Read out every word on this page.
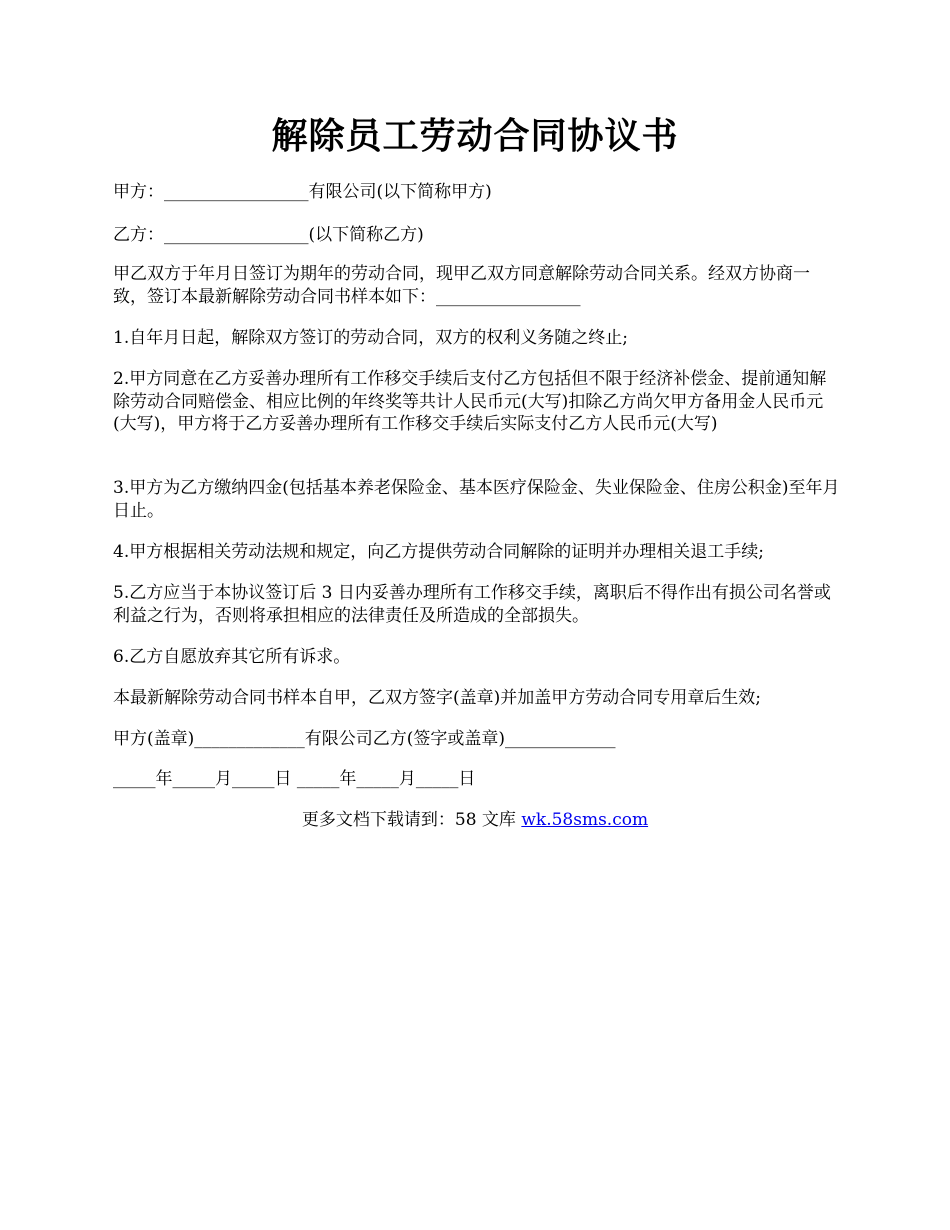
解除员工劳动合同协议书

甲方：_________________有限公司(以下简称甲方)

乙方：_________________(以下简称乙方)

甲乙双方于年月日签订为期年的劳动合同，现甲乙双方同意解除劳动合同关系。经双方协商一致，签订本最新解除劳动合同书样本如下：_________________

1.自年月日起，解除双方签订的劳动合同，双方的权利义务随之终止;

2.甲方同意在乙方妥善办理所有工作移交手续后支付乙方包括但不限于经济补偿金、提前通知解除劳动合同赔偿金、相应比例的年终奖等共计人民币元(大写)扣除乙方尚欠甲方备用金人民币元(大写)，甲方将于乙方妥善办理所有工作移交手续后实际支付乙方人民币元(大写)

3.甲方为乙方缴纳四金(包括基本养老保险金、基本医疗保险金、失业保险金、住房公积金)至年月日止。

4.甲方根据相关劳动法规和规定，向乙方提供劳动合同解除的证明并办理相关退工手续;

5.乙方应当于本协议签订后 3 日内妥善办理所有工作移交手续，离职后不得作出有损公司名誉或利益之行为，否则将承担相应的法律责任及所造成的全部损失。

6.乙方自愿放弃其它所有诉求。

本最新解除劳动合同书样本自甲，乙双方签字(盖章)并加盖甲方劳动合同专用章后生效;

甲方(盖章)_____________有限公司乙方(签字或盖章)_____________

_____年_____月_____日 _____年_____月_____日

更多文档下载请到：58 文库 wk.58sms.com
